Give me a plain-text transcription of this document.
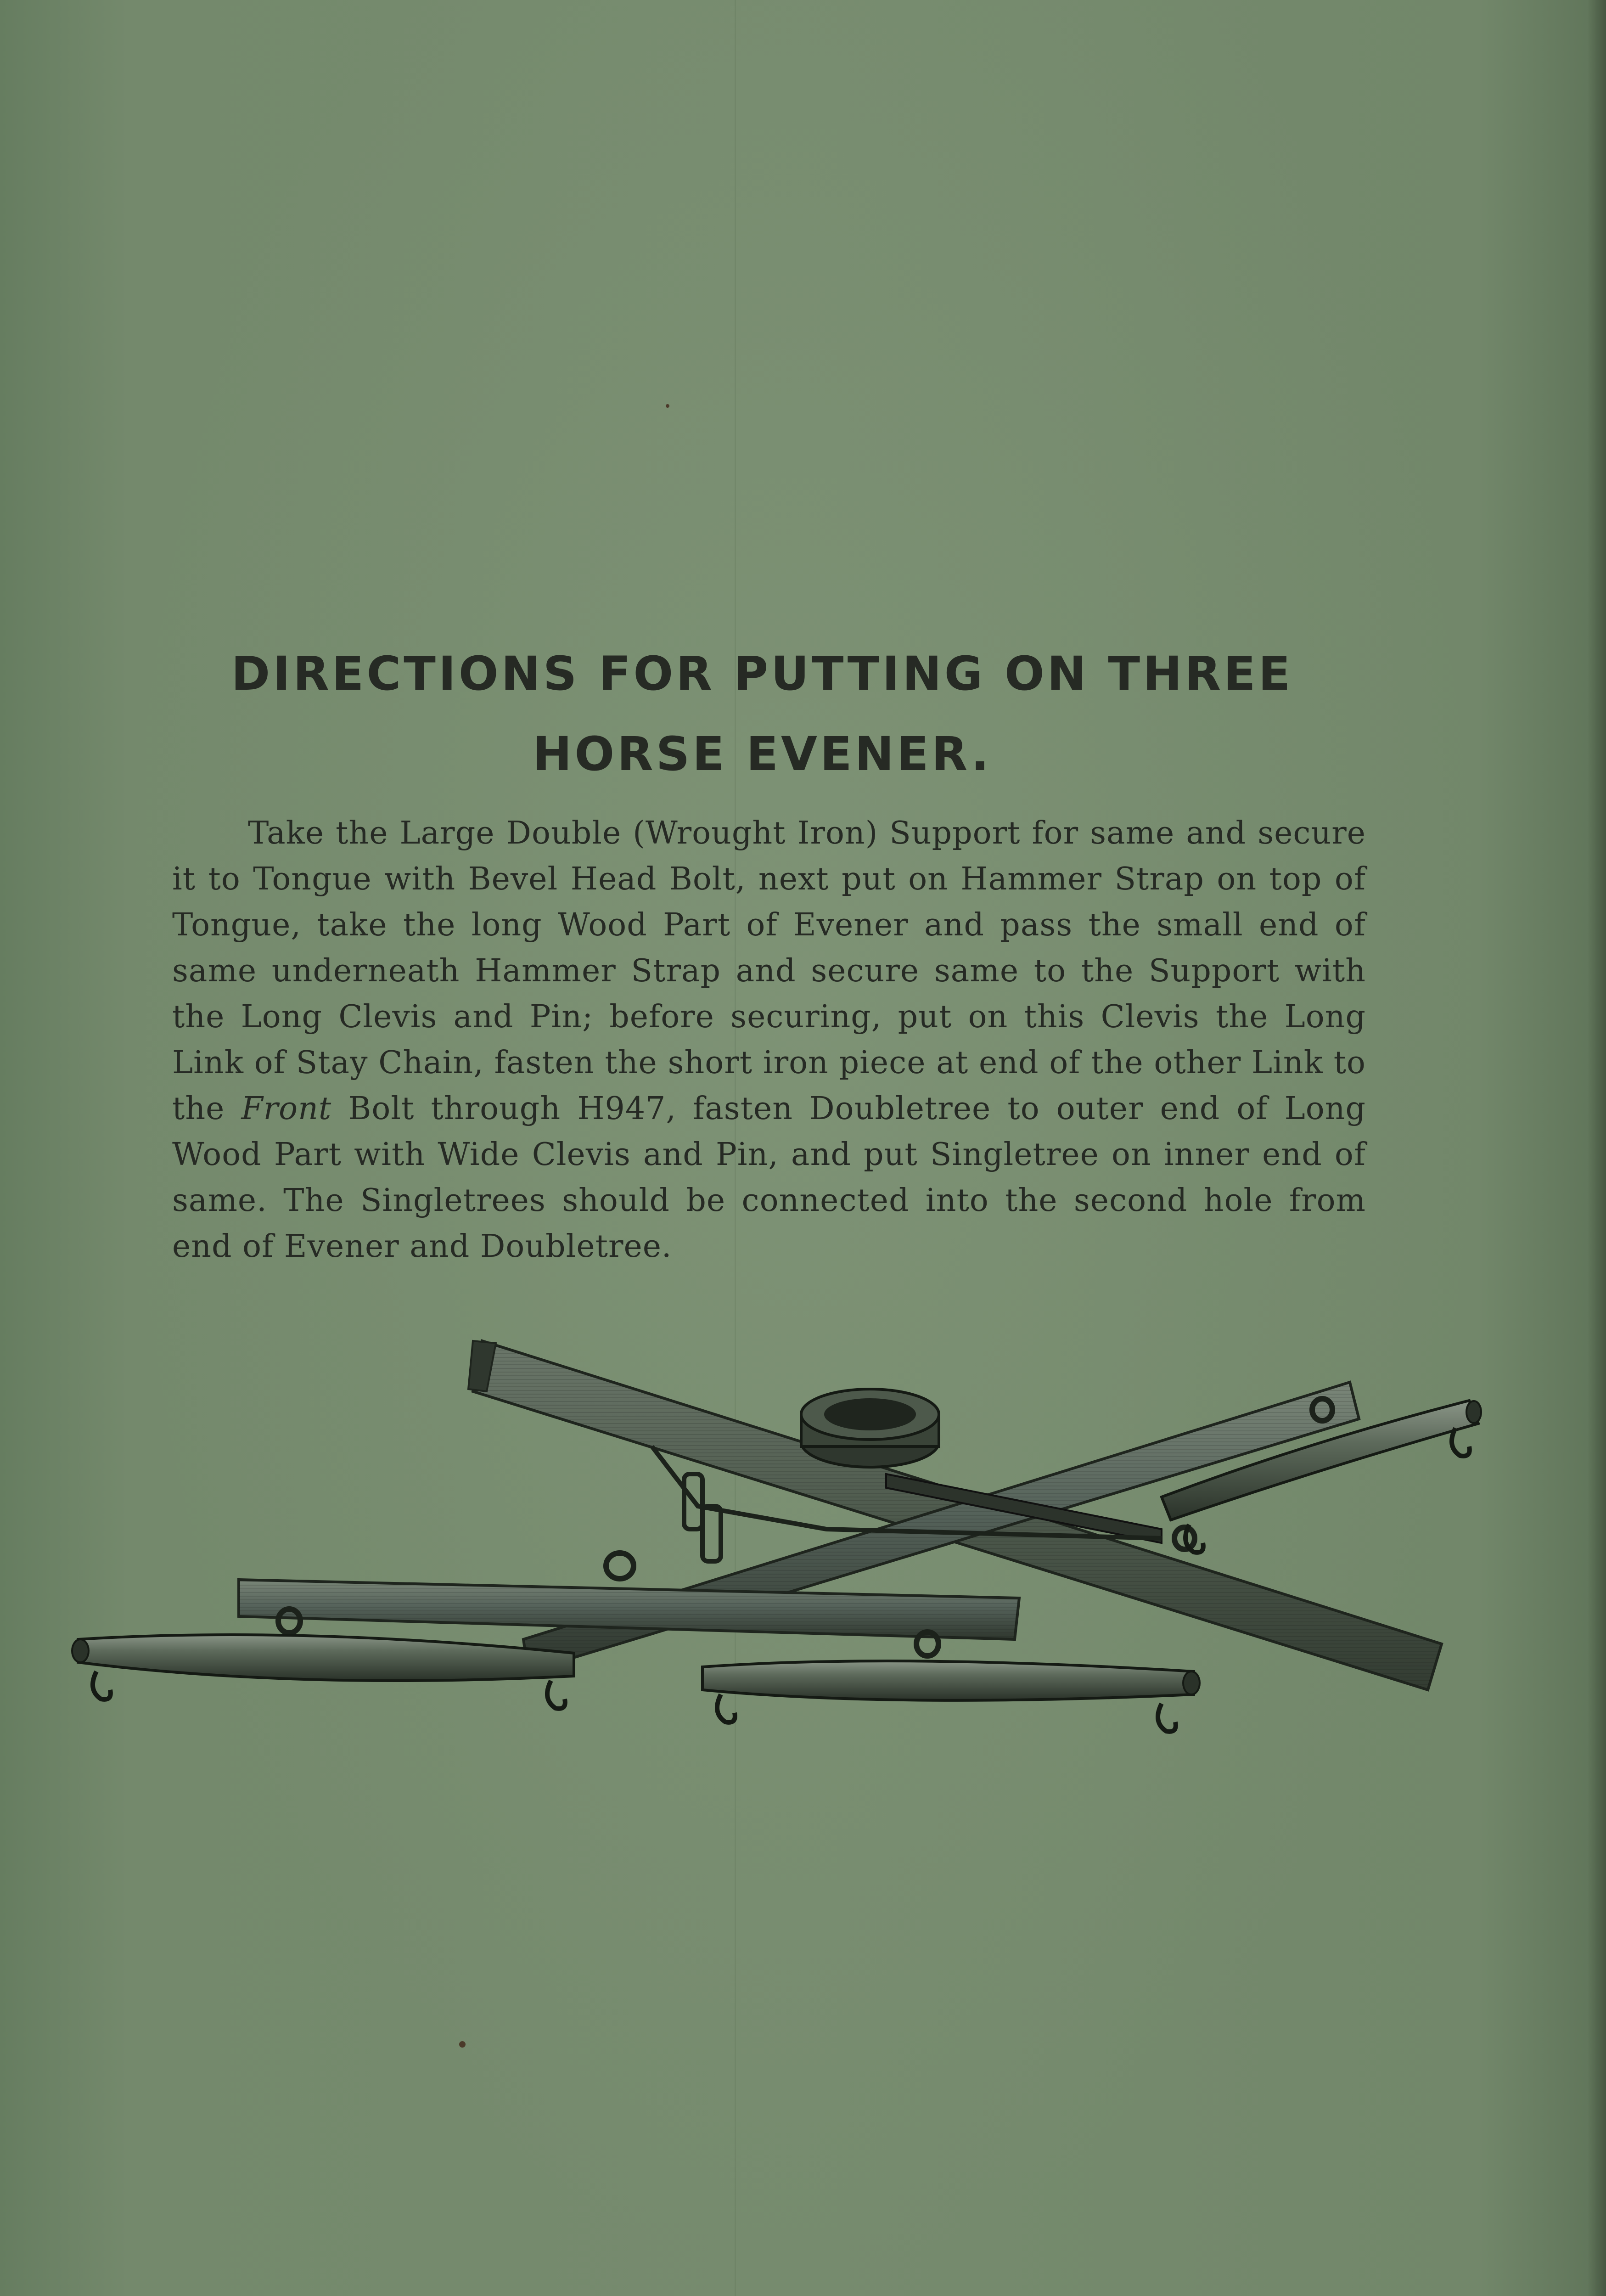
DIRECTIONS FOR PUTTING ON THREE
HORSE EVENER.

Take the Large Double (Wrought Iron) Support for same and secure it to Tongue with Bevel Head Bolt, next put on Hammer Strap on top of Tongue, take the long Wood Part of Evener and pass the small end of same underneath Hammer Strap and secure same to the Support with the Long Clevis and Pin; before securing, put on this Clevis the Long Link of Stay Chain, fasten the short iron piece at end of the other Link to the Front Bolt through H947, fasten Doubletree to outer end of Long Wood Part with Wide Clevis and Pin, and put Singletree on inner end of same. The Singletrees should be connected into the second hole from end of Evener and Doubletree.
